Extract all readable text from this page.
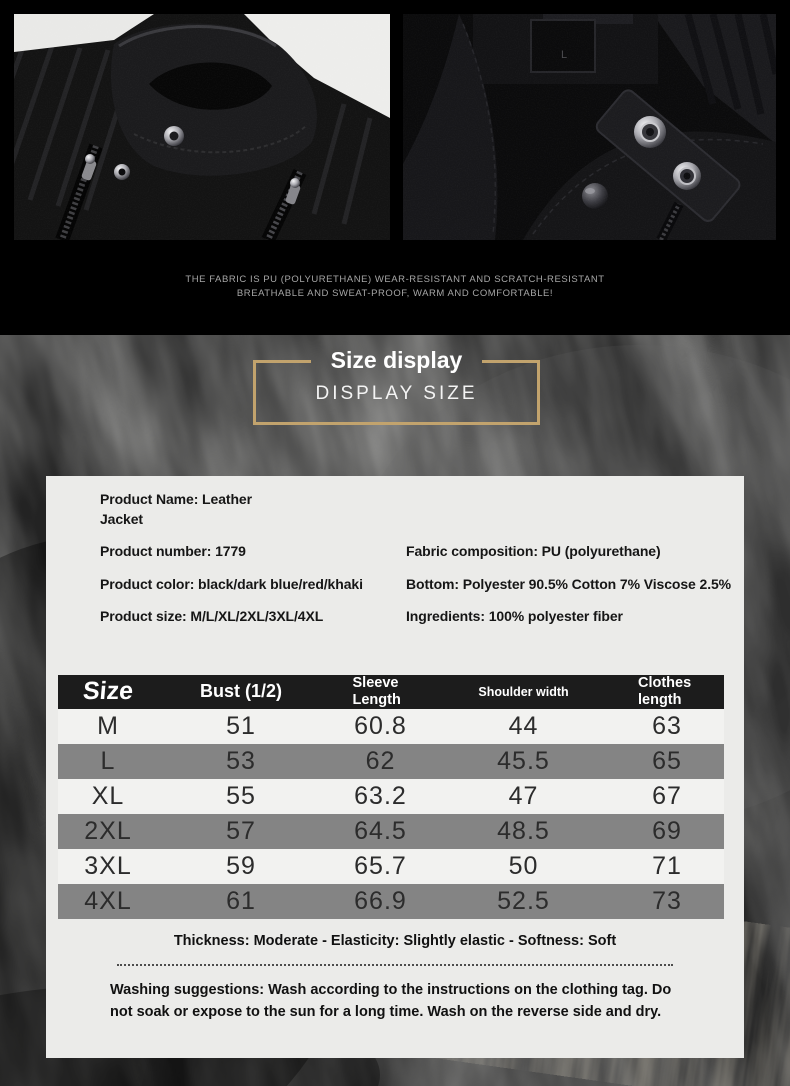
L
THE FABRIC IS PU (POLYURETHANE) WEAR-RESISTANT AND SCRATCH-RESISTANT
BREATHABLE AND SWEAT-PROOF, WARM AND COMFORTABLE!
Size display
DISPLAY SIZE
Product Name: Leather Jacket
Product number: 1779	Fabric composition: PU (polyurethane)
Product color: black/dark blue/red/khaki	Bottom: Polyester 90.5% Cotton 7% Viscose 2.5%
Product size: M/L/XL/2XL/3XL/4XL	Ingredients: 100% polyester fiber
Size	Bust (1/2)	Sleeve Length	Shoulder width	Clothes length
M	51	60.8	44	63
L	53	62	45.5	65
XL	55	63.2	47	67
2XL	57	64.5	48.5	69
3XL	59	65.7	50	71
4XL	61	66.9	52.5	73
Thickness: Moderate - Elasticity: Slightly elastic - Softness: Soft
Washing suggestions: Wash according to the instructions on the clothing tag. Do not soak or expose to the sun for a long time. Wash on the reverse side and dry.
